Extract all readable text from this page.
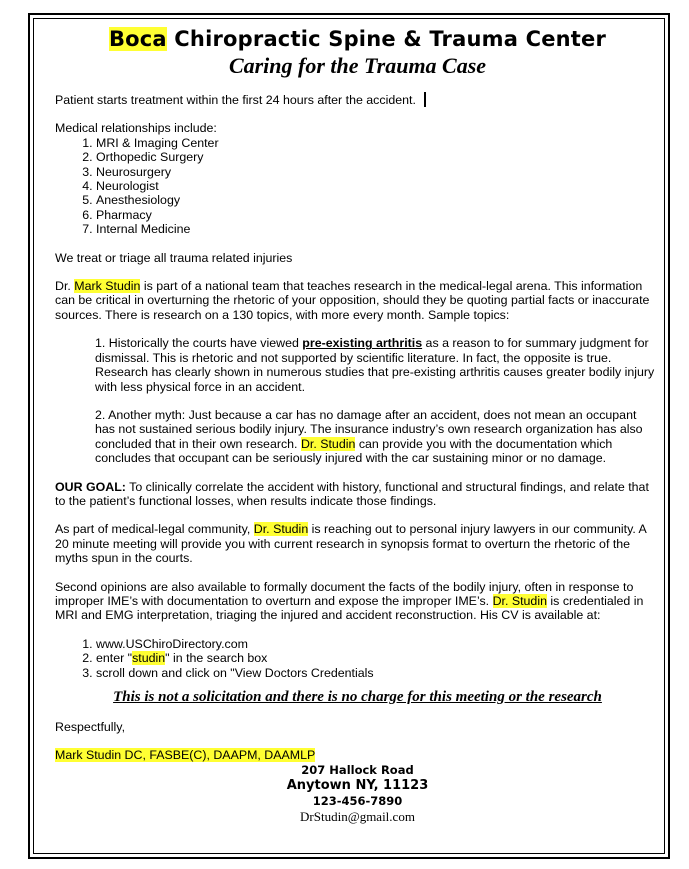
Boca Chiropractic Spine & Trauma Center
Caring for the Trauma Case

Patient starts treatment within the first 24 hours after the accident.

Medical relationships include:

1. MRI & Imaging Center
2. Orthopedic Surgery
3. Neurosurgery
4. Neurologist
5. Anesthesiology
6. Pharmacy
7. Internal Medicine

We treat or triage all trauma related injuries

Dr. Mark Studin is part of a national team that teaches research in the medical-legal arena. This information can be critical in overturning the rhetoric of your opposition, should they be quoting partial facts or inaccurate sources. There is research on a 130 topics, with more every month. Sample topics:

1. Historically the courts have viewed pre-existing arthritis as a reason to for summary judgment for dismissal. This is rhetoric and not supported by scientific literature. In fact, the opposite is true. Research has clearly shown in numerous studies that pre-existing arthritis causes greater bodily injury with less physical force in an accident.

2. Another myth: Just because a car has no damage after an accident, does not mean an occupant has not sustained serious bodily injury. The insurance industry’s own research organization has also concluded that in their own research. Dr. Studin can provide you with the documentation which concludes that occupant can be seriously injured with the car sustaining minor or no damage.

OUR GOAL: To clinically correlate the accident with history, functional and structural findings, and relate that to the patient’s functional losses, when results indicate those findings.

As part of medical-legal community, Dr. Studin is reaching out to personal injury lawyers in our community. A 20 minute meeting will provide you with current research in synopsis format to overturn the rhetoric of the myths spun in the courts.

Second opinions are also available to formally document the facts of the bodily injury, often in response to improper IME’s with documentation to overturn and expose the improper IME’s. Dr. Studin is credentialed in MRI and EMG interpretation, triaging the injured and accident reconstruction. His CV is available at:

1. www.USChiroDirectory.com
2. enter "studin" in the search box
3. scroll down and click on "View Doctors Credentials

This is not a solicitation and there is no charge for this meeting or the research

Respectfully,

Mark Studin DC, FASBE(C), DAAPM, DAAMLP

207 Hallock Road
Anytown NY, 11123
123-456-7890
DrStudin@gmail.com
